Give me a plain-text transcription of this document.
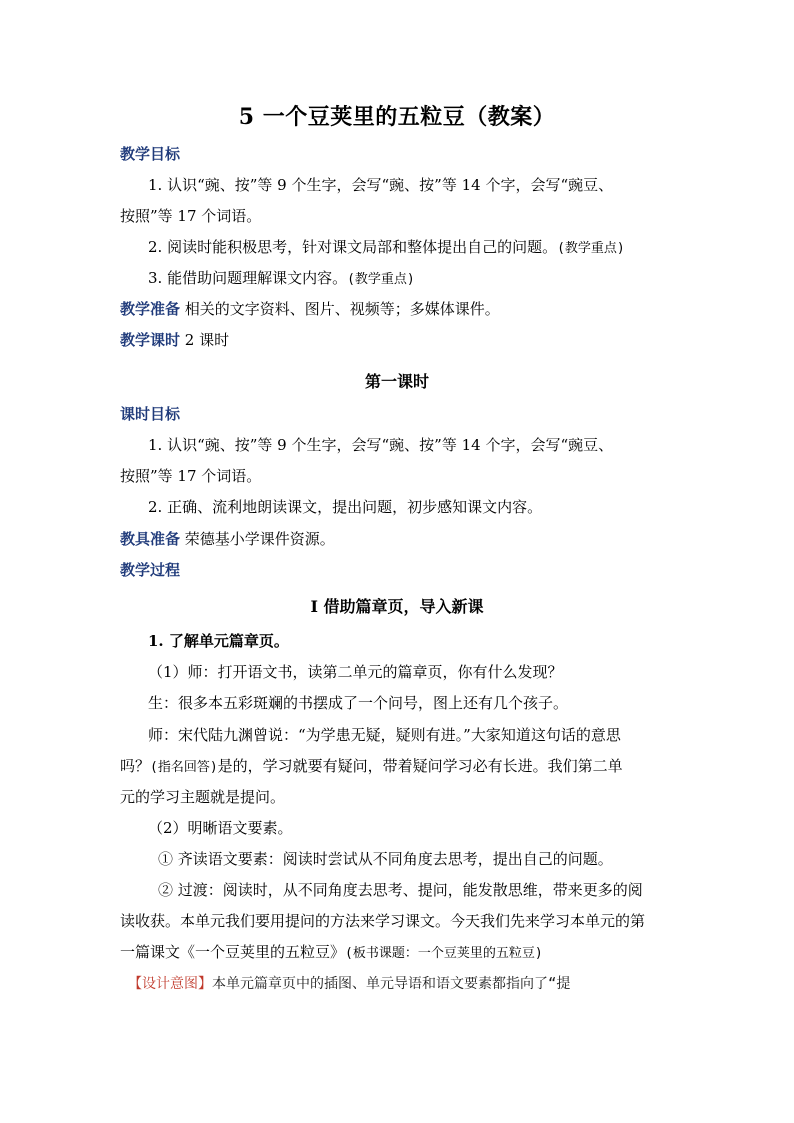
5 一个豆荚里的五粒豆（教案）
教学目标
1. 认识“豌、按”等 9 个生字，会写“豌、按”等 14 个字，会写“豌豆、
按照”等 17 个词语。
2. 阅读时能积极思考，针对课文局部和整体提出自己的问题。(教学重点)
3. 能借助问题理解课文内容。(教学重点)
教学准备 相关的文字资料、图片、视频等；多媒体课件。
教学课时 2 课时
第一课时
课时目标
1. 认识“豌、按”等 9 个生字，会写“豌、按”等 14 个字，会写“豌豆、
按照”等 17 个词语。
2. 正确、流利地朗读课文，提出问题，初步感知课文内容。
教具准备 荣德基小学课件资源。
教学过程
Ⅰ 借助篇章页，导入新课
1. 了解单元篇章页。
（1）师：打开语文书，读第二单元的篇章页，你有什么发现？
生：很多本五彩斑斓的书摆成了一个问号，图上还有几个孩子。
师：宋代陆九渊曾说：“为学患无疑，疑则有进。”大家知道这句话的意思
吗？(指名回答)是的，学习就要有疑问，带着疑问学习必有长进。我们第二单
元的学习主题就是提问。
（2）明晰语文要素。
① 齐读语文要素：阅读时尝试从不同角度去思考，提出自己的问题。
② 过渡：阅读时，从不同角度去思考、提问，能发散思维，带来更多的阅
读收获。本单元我们要用提问的方法来学习课文。今天我们先来学习本单元的第
一篇课文《一个豆荚里的五粒豆》(板书课题：一个豆荚里的五粒豆)
【设计意图】本单元篇章页中的插图、单元导语和语文要素都指向了“提
